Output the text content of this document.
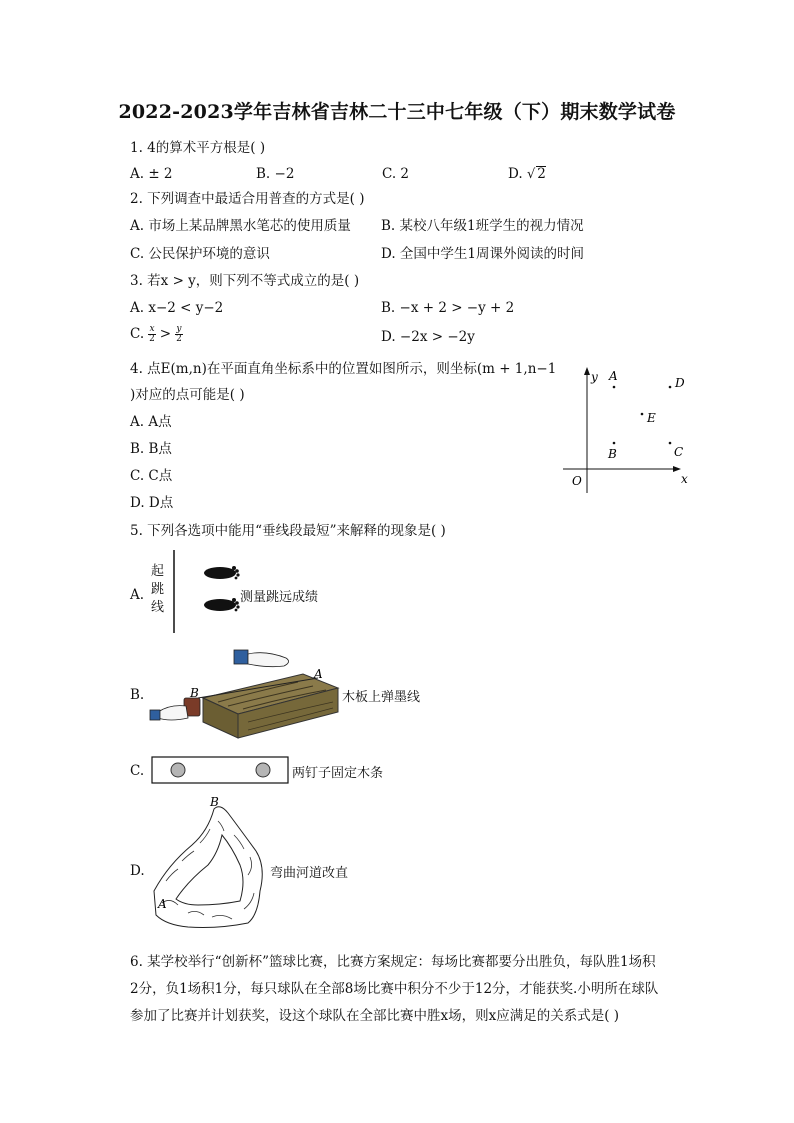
2022-2023学年吉林省吉林二十三中七年级（下）期末数学试卷
1. 4的算术平方根是( )
A. ± 2	B. −2	C. 2	D. √ 2
2. 下列调查中最适合用普查的方式是( )
A. 市场上某品牌黑水笔芯的使用质量 B. 某校八年级1班学生的视力情况
C. 公民保护环境的意识	D. 全国中学生1周课外阅读的时间
3. 若x > y，则下列不等式成立的是( )
A. x−2 < y−2	B. −x + 2 > −y + 2
C. $\frac{x}{2} > \frac{y}{2}$	D. −2x > −2y
4. 点E(m,n)在平面直角坐标系中的位置如图所示，则坐标(m + 1,n−1
)对应的点可能是( )
A. A点
B. B点
C. C点
D. D点
y
x
O
A	D
E
B	C
5. 下列各选项中能用“垂线段最短”来解释的现象是( )
A.
起
跳
线
测量跳远成绩
B.
A
B	木板上弹墨线
C.	两钉子固定木条
D.
B
A
弯曲河道改直
6. 某学校举行“创新杯”篮球比赛，比赛方案规定：每场比赛都要分出胜负，每队胜1场积
2分，负1场积1分，每只球队在全部8场比赛中积分不少于12分，才能获奖.小明所在球队
参加了比赛并计划获奖，设这个球队在全部比赛中胜x场，则x应满足的关系式是( )
